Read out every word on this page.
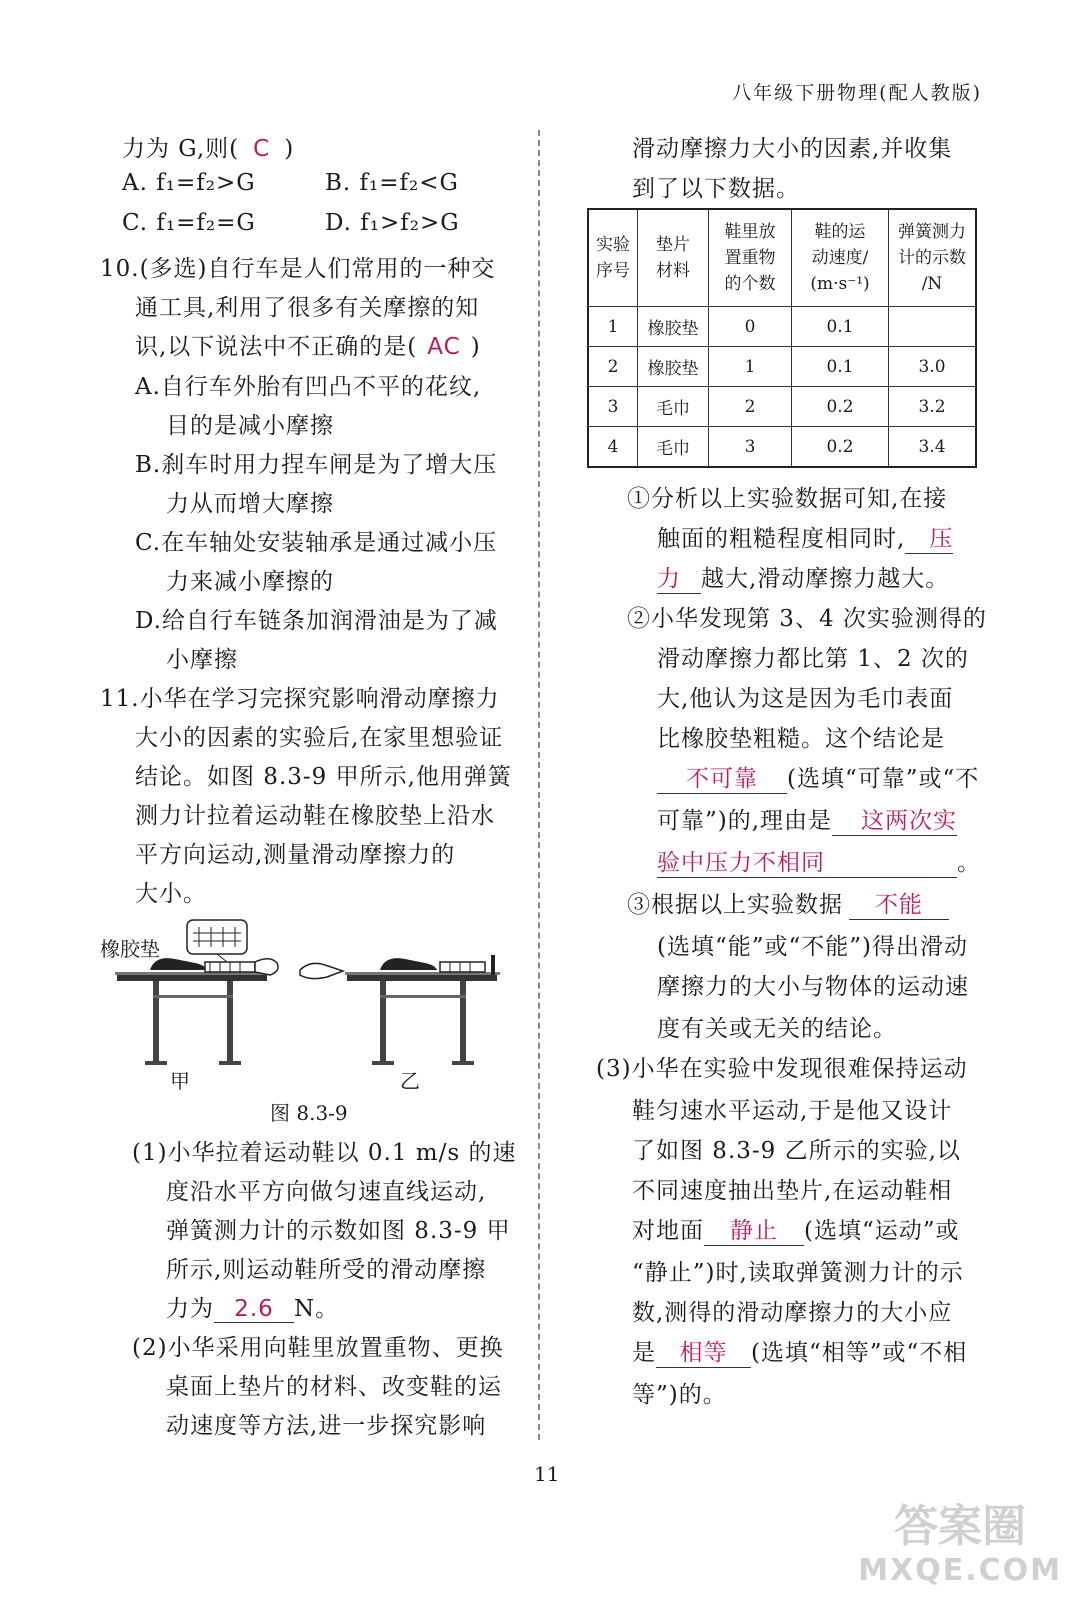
八年级下册物理(配人教版)
力为 G,则( C )
A. f₁=f₂>G	B. f₁=f₂<G
C. f₁=f₂=G	D. f₁>f₂>G
10.(多选)自行车是人们常用的一种交
通工具,利用了很多有关摩擦的知
识,以下说法中不正确的是( AC )
A.自行车外胎有凹凸不平的花纹,
目的是减小摩擦
B.刹车时用力捏车闸是为了增大压
力从而增大摩擦
C.在车轴处安装轴承是通过减小压
力来减小摩擦的
D.给自行车链条加润滑油是为了减
小摩擦
11.小华在学习完探究影响滑动摩擦力
大小的因素的实验后,在家里想验证
结论。如图 8.3-9 甲所示,他用弹簧
测力计拉着运动鞋在橡胶垫上沿水
平方向运动,测量滑动摩擦力的
大小。
橡胶垫
甲	乙
图 8.3-9
(1)小华拉着运动鞋以 0.1 m/s 的速
度沿水平方向做匀速直线运动,
弹簧测力计的示数如图 8.3-9 甲
所示,则运动鞋所受的滑动摩擦
力为 2.6 N。
(2)小华采用向鞋里放置重物、更换
桌面上垫片的材料、改变鞋的运
动速度等方法,进一步探究影响
滑动摩擦力大小的因素,并收集
到了以下数据。
实验
序号	垫片
材料	鞋里放
置重物
的个数	鞋的运
动速度/
(m·s⁻¹)	弹簧测力
计的示数
/N
1	橡胶垫	0	0.1	
2	橡胶垫	1	0.1	3.0
3	毛巾	2	0.2	3.2
4	毛巾	3	0.2	3.4
①分析以上实验数据可知,在接
触面的粗糙程度相同时, 压
力 越大,滑动摩擦力越大。
②小华发现第 3、4 次实验测得的
滑动摩擦力都比第 1、2 次的
大,他认为这是因为毛巾表面
比橡胶垫粗糙。这个结论是
不可靠 (选填“可靠”或“不
可靠”)的,理由是 这两次实
验中压力不相同	。
③根据以上实验数据 不能
(选填“能”或“不能”)得出滑动
摩擦力的大小与物体的运动速
度有关或无关的结论。
(3)小华在实验中发现很难保持运动
鞋匀速水平运动,于是他又设计
了如图 8.3-9 乙所示的实验,以
不同速度抽出垫片,在运动鞋相
对地面 静止 (选填“运动”或
“静止”)时,读取弹簧测力计的示
数,测得的滑动摩擦力的大小应
是 相等 (选填“相等”或“不相
等”)的。
11
答案圈
MXQE.COM
